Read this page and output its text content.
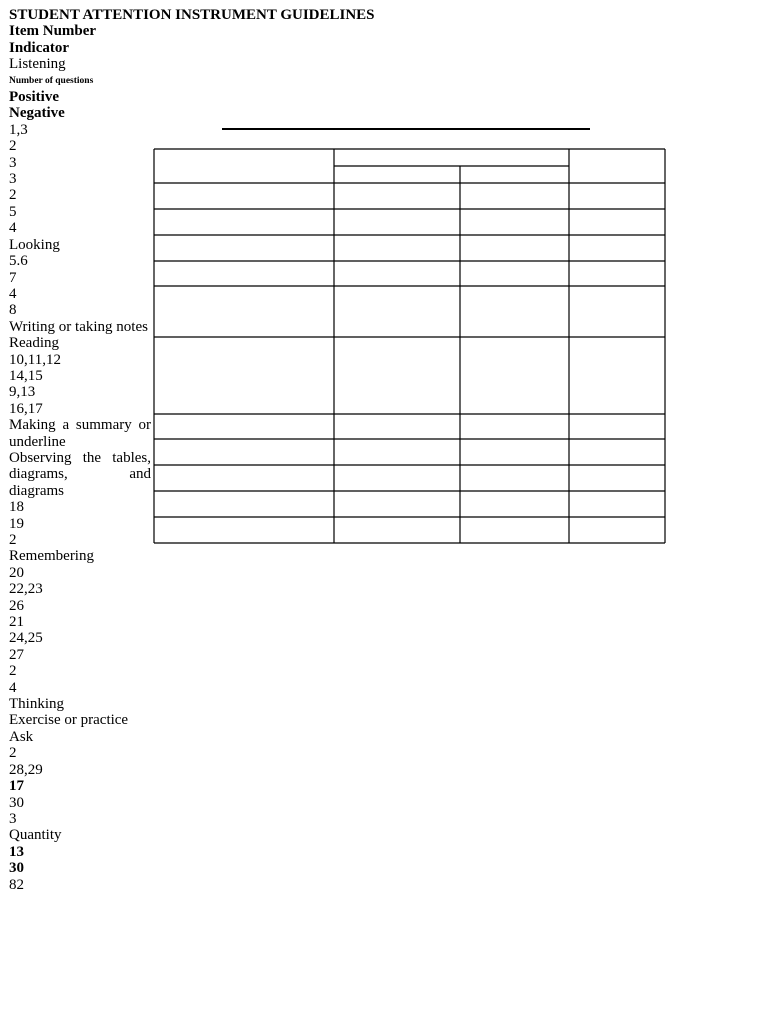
STUDENT ATTENTION INSTRUMENT GUIDELINES
Item Number
Indicator
Listening
Number of questions
Positive
Negative
1,3
2
3
3
2
5
4
Looking
5.6
7
4
8
Writing or taking notes
Reading
10,11,12
14,15
9,13
16,17
Making a summary or underline
Observing the tables, diagrams, and diagrams
18
19
2
Remembering
20
22,23
26
21
24,25
27
2
4
Thinking
Exercise or practice
Ask
2
28,29
17
30
3
Quantity
13
30
82
